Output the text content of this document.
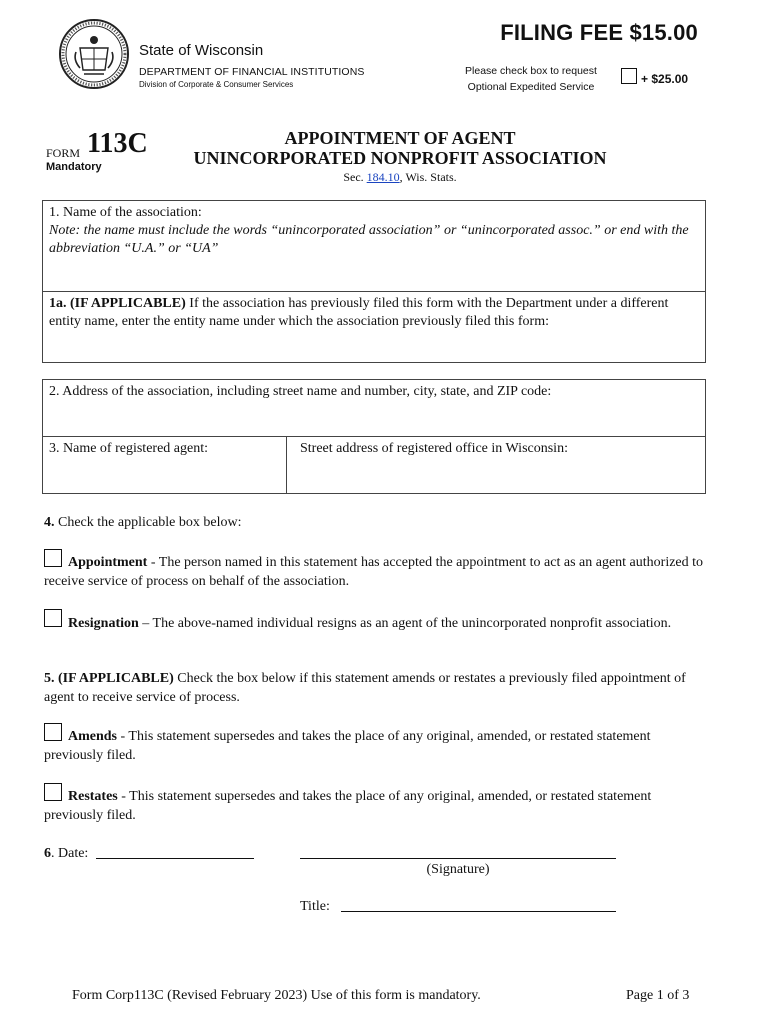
State of Wisconsin
DEPARTMENT OF FINANCIAL INSTITUTIONS
Division of Corporate & Consumer Services
FILING FEE $15.00
Please check box to request
Optional Expedited Service
+ $25.00
FORM 113C
Mandatory
APPOINTMENT OF AGENT
UNINCORPORATED NONPROFIT ASSOCIATION
Sec. 184.10, Wis. Stats.
1. Name of the association:
Note: the name must include the words “unincorporated association” or “unincorporated assoc.” or end with the abbreviation “U.A.” or “UA”
1a. (IF APPLICABLE) If the association has previously filed this form with the Department under a different entity name, enter the entity name under which the association previously filed this form:
2. Address of the association, including street name and number, city, state, and ZIP code:
3. Name of registered agent:	Street address of registered office in Wisconsin:
4. Check the applicable box below:
Appointment - The person named in this statement has accepted the appointment to act as an agent authorized to receive service of process on behalf of the association.
Resignation – The above-named individual resigns as an agent of the unincorporated nonprofit association.
5. (IF APPLICABLE) Check the box below if this statement amends or restates a previously filed appointment of agent to receive service of process.
Amends - This statement supersedes and takes the place of any original, amended, or restated statement previously filed.
Restates - This statement supersedes and takes the place of any original, amended, or restated statement previously filed.
6. Date:
(Signature)
Title:
Form Corp113C (Revised February 2023) Use of this form is mandatory.	Page 1 of 3
